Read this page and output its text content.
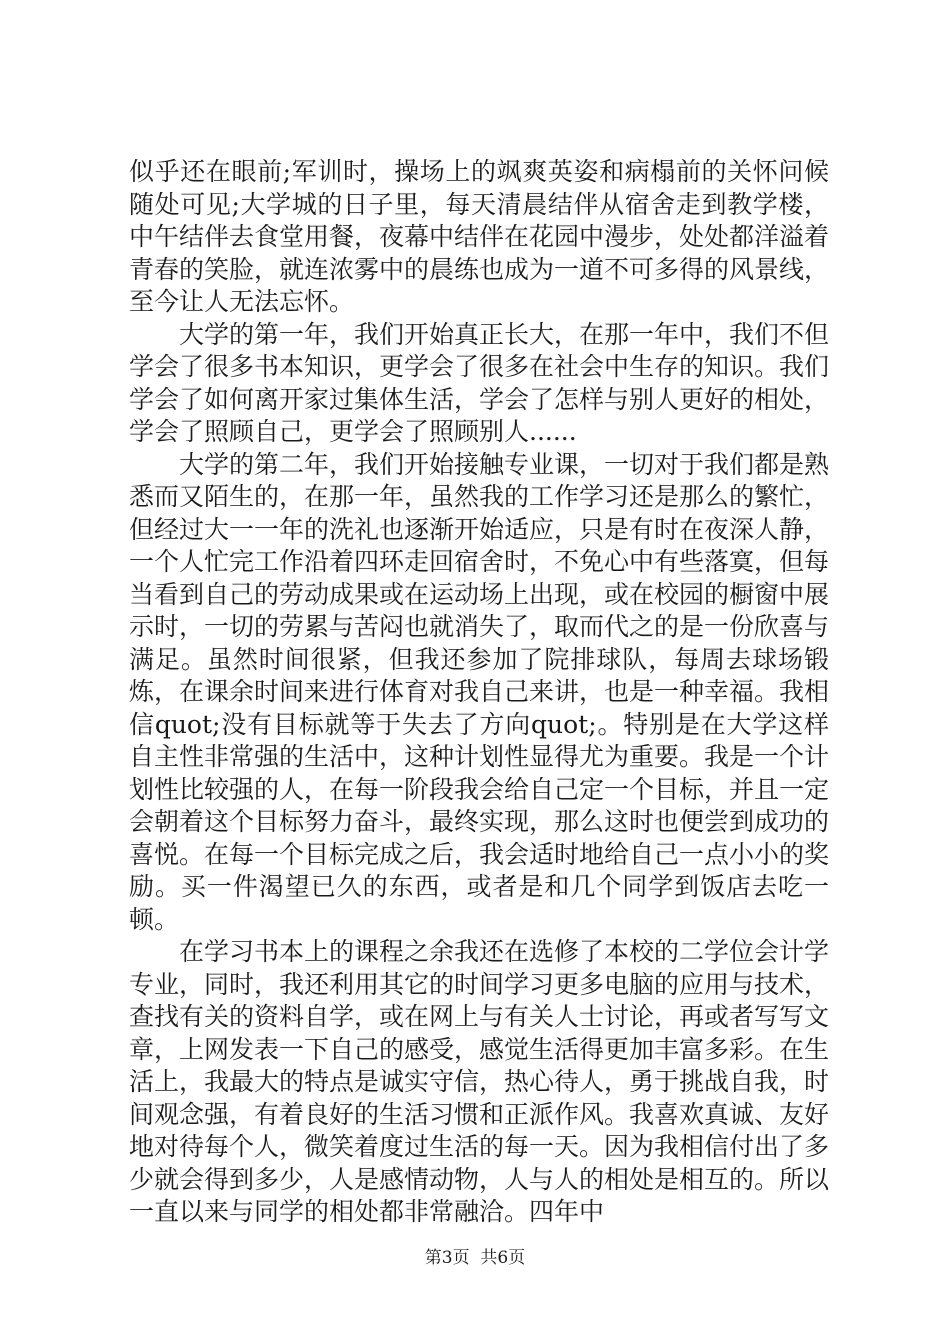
似乎还在眼前;军训时，操场上的飒爽英姿和病榻前的关怀问候随处可见;大学城的日子里，每天清晨结伴从宿舍走到教学楼，中午结伴去食堂用餐，夜幕中结伴在花园中漫步，处处都洋溢着青春的笑脸，就连浓雾中的晨练也成为一道不可多得的风景线，至今让人无法忘怀。

大学的第一年，我们开始真正长大，在那一年中，我们不但学会了很多书本知识，更学会了很多在社会中生存的知识。我们学会了如何离开家过集体生活，学会了怎样与别人更好的相处，学会了照顾自己，更学会了照顾别人......

大学的第二年，我们开始接触专业课，一切对于我们都是熟悉而又陌生的，在那一年，虽然我的工作学习还是那么的繁忙，但经过大一一年的洗礼也逐渐开始适应，只是有时在夜深人静，一个人忙完工作沿着四环走回宿舍时，不免心中有些落寞，但每当看到自己的劳动成果或在运动场上出现，或在校园的橱窗中展示时，一切的劳累与苦闷也就消失了，取而代之的是一份欣喜与满足。虽然时间很紧，但我还参加了院排球队，每周去球场锻炼，在课余时间来进行体育对我自己来讲，也是一种幸福。我相信quot;没有目标就等于失去了方向quot;。特别是在大学这样自主性非常强的生活中，这种计划性显得尤为重要。我是一个计划性比较强的人，在每一阶段我会给自己定一个目标，并且一定会朝着这个目标努力奋斗，最终实现，那么这时也便尝到成功的喜悦。在每一个目标完成之后，我会适时地给自己一点小小的奖励。买一件渴望已久的东西，或者是和几个同学到饭店去吃一顿。

在学习书本上的课程之余我还在选修了本校的二学位会计学专业，同时，我还利用其它的时间学习更多电脑的应用与技术，查找有关的资料自学，或在网上与有关人士讨论，再或者写写文章，上网发表一下自己的感受，感觉生活得更加丰富多彩。在生活上，我最大的特点是诚实守信，热心待人，勇于挑战自我，时间观念强，有着良好的生活习惯和正派作风。我喜欢真诚、友好地对待每个人，微笑着度过生活的每一天。因为我相信付出了多少就会得到多少，人是感情动物，人与人的相处是相互的。所以一直以来与同学的相处都非常融洽。四年中

第3页  共6页
